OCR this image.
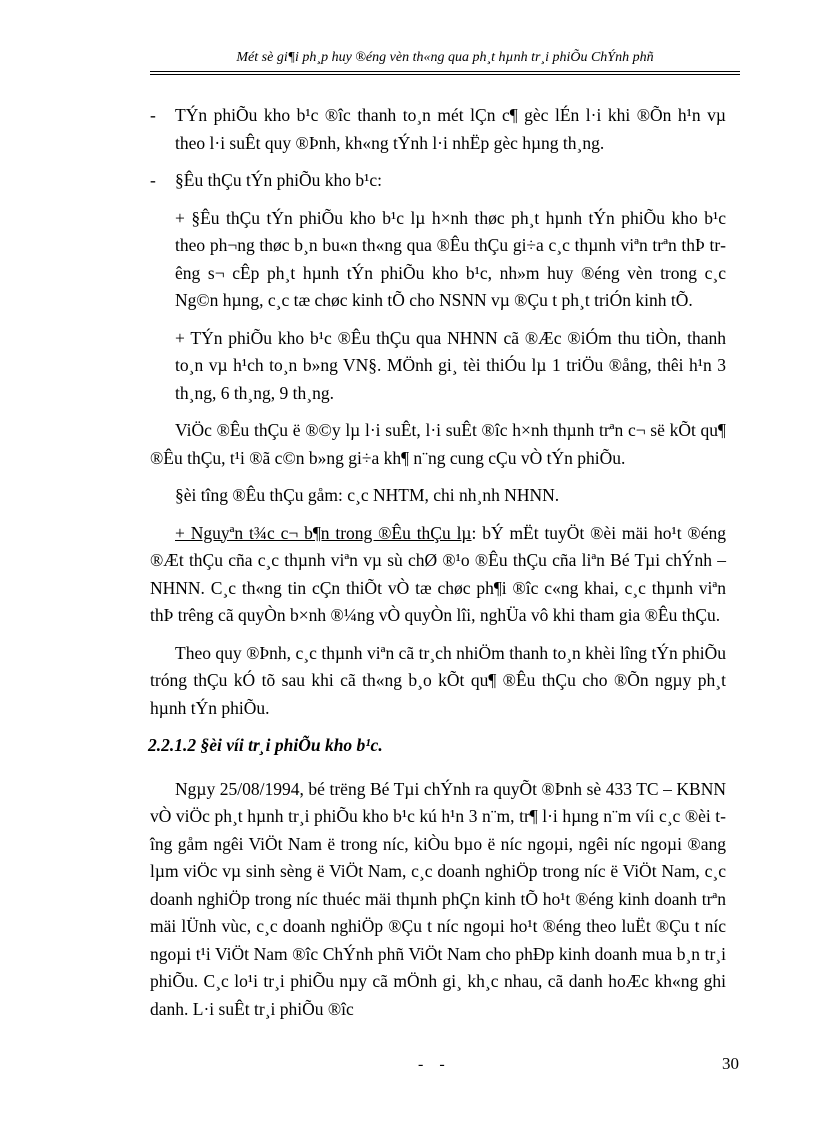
Mét sè gi¶i ph¸p huy ®éng vèn th«ng qua ph¸t hµnh tr¸i phiÕu ChÝnh phñ

- TÝn phiÕu kho b¹c ®îc thanh to¸n mét lÇn c¶ gèc lÉn l·i khi ®Õn h¹n vµ theo l·i suÊt quy ®Þnh, kh«ng tÝnh l·i nhËp gèc hµng th¸ng.

- §Êu thÇu tÝn phiÕu kho b¹c:

+ §Êu thÇu tÝn phiÕu kho b¹c lµ h×nh thøc ph¸t hµnh tÝn phiÕu kho b¹c theo ph¬ng thøc b¸n bu«n th«ng qua ®Êu thÇu gi÷a c¸c thµnh viªn trªn thÞ trêng s¬ cÊp ph¸t hµnh tÝn phiÕu kho b¹c, nh»m huy ®éng vèn trong c¸c Ng©n hµng, c¸c tæ chøc kinh tÕ cho NSNN vµ ®Çu t ph¸t triÓn kinh tÕ.

+ TÝn phiÕu kho b¹c ®Êu thÇu qua NHNN cã ®Æc ®iÓm thu tiÒn, thanh to¸n vµ h¹ch to¸n b»ng VN§. MÖnh gi¸ tèi thiÓu lµ 1 triÖu ®ång, thêi h¹n 3 th¸ng, 6 th¸ng, 9 th¸ng.

ViÖc ®Êu thÇu ë ®©y lµ l·i suÊt, l·i suÊt ®îc h×nh thµnh trªn c¬ së kÕt qu¶ ®Êu thÇu, t¹i ®ã c©n b»ng gi÷a kh¶ n¨ng cung cÇu vÒ tÝn phiÕu.

§èi tîng ®Êu thÇu gåm: c¸c NHTM, chi nh¸nh NHNN.

+ Nguyªn t¾c c¬ b¶n trong ®Êu thÇu lµ: bÝ mËt tuyÖt ®èi mäi ho¹t ®éng ®Æt thÇu cña c¸c thµnh viªn vµ sù chØ ®¹o ®Êu thÇu cña liªn Bé Tµi chÝnh – NHNN. C¸c th«ng tin cÇn thiÕt vÒ tæ chøc ph¶i ®îc c«ng khai, c¸c thµnh viªn thÞ trêng cã quyÒn b×nh ®¼ng vÒ quyÒn lîi, nghÜa vô khi tham gia ®Êu thÇu.

Theo quy ®Þnh, c¸c thµnh viªn cã tr¸ch nhiÖm thanh to¸n khèi lîng tÝn phiÕu tróng thÇu kÓ tõ sau khi cã th«ng b¸o kÕt qu¶ ®Êu thÇu cho ®Õn ngµy ph¸t hµnh tÝn phiÕu.

2.2.1.2 §èi víi tr¸i phiÕu kho b¹c.

Ngµy 25/08/1994, bé trëng Bé Tµi chÝnh ra quyÕt ®Þnh sè 433 TC – KBNN vÒ viÖc ph¸t hµnh tr¸i phiÕu kho b¹c kú h¹n 3 n¨m, tr¶ l·i hµng n¨m víi c¸c ®èi tîng gåm ngêi ViÖt Nam ë trong níc, kiÒu bµo ë níc ngoµi, ngêi níc ngoµi ®ang lµm viÖc vµ sinh sèng ë ViÖt Nam, c¸c doanh nghiÖp trong níc ë ViÖt Nam, c¸c doanh nghiÖp trong níc thuéc mäi thµnh phÇn kinh tÕ ho¹t ®éng kinh doanh trªn mäi lÜnh vùc, c¸c doanh nghiÖp ®Çu t níc ngoµi ho¹t ®éng theo luËt ®Çu t níc ngoµi t¹i ViÖt Nam ®îc ChÝnh phñ ViÖt Nam cho phÐp kinh doanh mua b¸n tr¸i phiÕu. C¸c lo¹i tr¸i phiÕu nµy cã mÖnh gi¸ kh¸c nhau, cã danh hoÆc kh«ng ghi danh. L·i suÊt tr¸i phiÕu ®îc

- -	30
